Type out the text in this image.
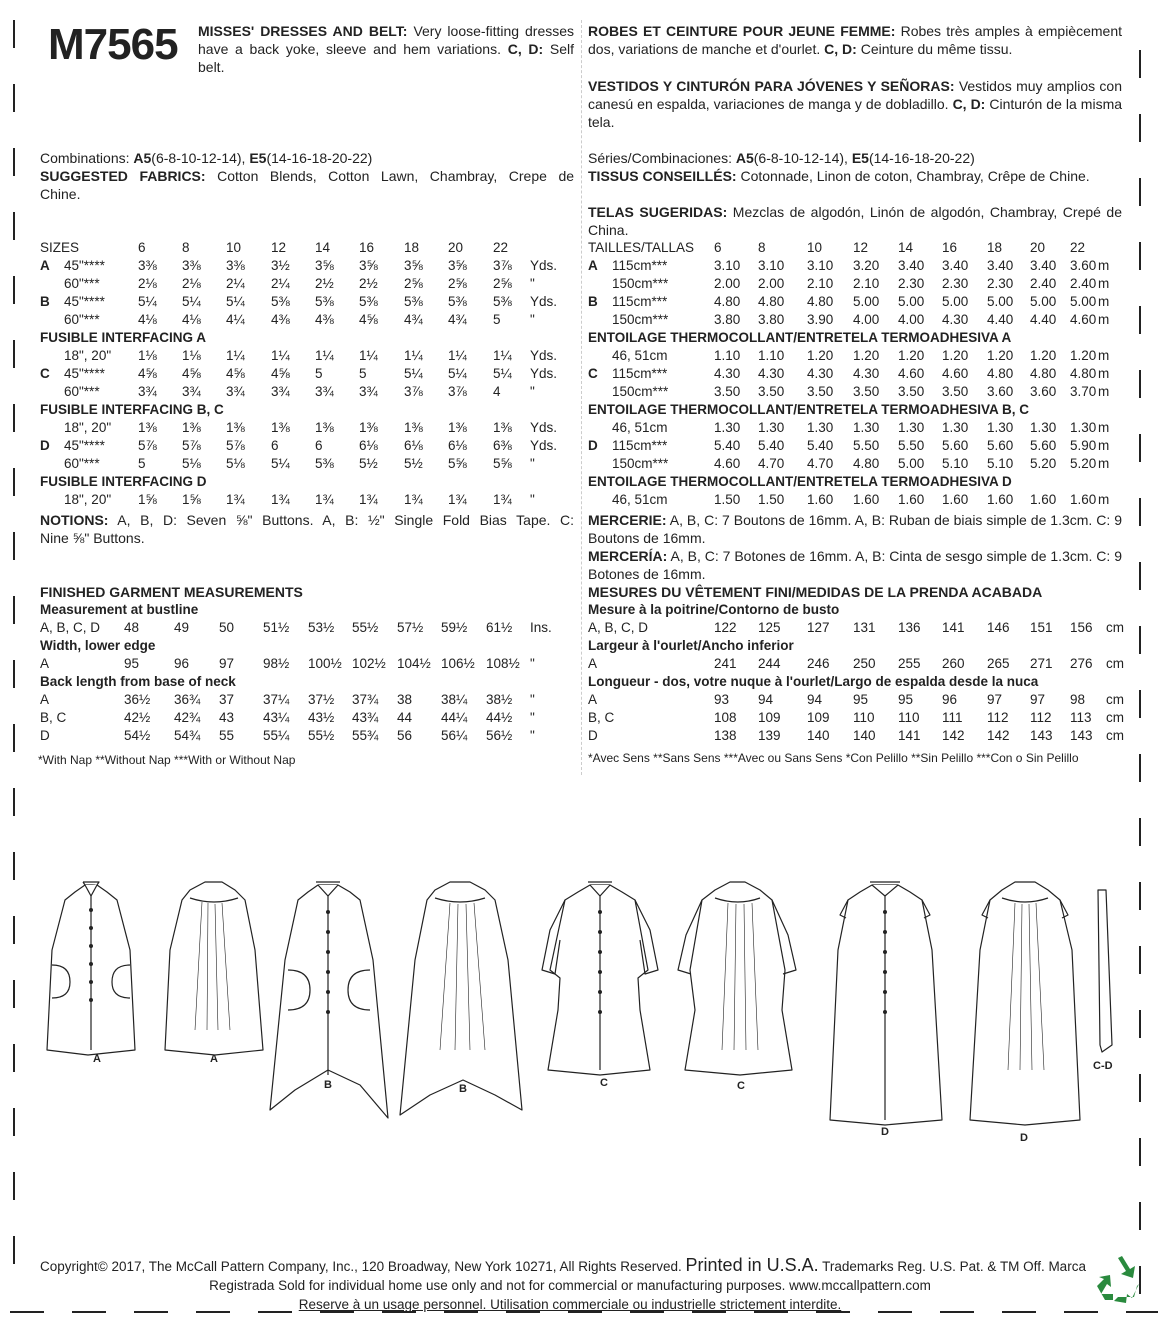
M7565 MISSES' DRESSES AND BELT: Very loose-fitting dresses have a back yoke, sleeve and hem variations. C, D: Self belt.
Combinations: A5(6-8-10-12-14), E5(14-16-18-20-22)
SUGGESTED FABRICS: Cotton Blends, Cotton Lawn, Chambray, Crepe de
Chine.
SIZES	6	8	10 12 14 16 18 20 22
A 45"**** 3⅜ 3⅜ 3⅜ 3½ 3⅝ 3⅝ 3⅝ 3⅝ 3⅞ Yds.
60"***	2⅛ 2⅛ 2¼ 2¼ 2½ 2½ 2⅝ 2⅝ 2⅝ "
B 45"**** 5¼ 5¼ 5¼ 5⅜ 5⅜ 5⅜ 5⅜ 5⅜ 5⅜ Yds.
60"***	4⅛ 4⅛ 4¼ 4⅜ 4⅜ 4⅝ 4¾ 4¾ 5 "
FUSIBLE INTERFACING A
18", 20" 1⅛ 1⅛ 1¼ 1¼ 1¼ 1¼ 1¼ 1¼ 1¼ Yds.
C 45"**** 4⅝ 4⅝ 4⅝ 4⅝ 5	5	5¼ 5¼ 5¼ Yds.
60"***	3¾ 3¾ 3¾ 3¾ 3¾ 3¾ 3⅞ 3⅞ 4 "
FUSIBLE INTERFACING B, C
18", 20" 1⅜ 1⅜ 1⅜ 1⅜ 1⅜ 1⅜ 1⅜ 1⅜ 1⅜ Yds.
D 45"**** 5⅞ 5⅞ 5⅞ 6	6	6⅛ 6⅛ 6⅛ 6⅜ Yds.
60"***	5	5⅛ 5⅛ 5¼ 5⅜ 5½ 5½ 5⅝ 5⅝ "
FUSIBLE INTERFACING D
18", 20" 1⅝ 1⅝ 1¾ 1¾ 1¾ 1¾ 1¾ 1¾ 1¾ "
NOTIONS: A, B, D: Seven ⅝" Buttons. A, B: ½" Single Fold Bias Tape. C:
Nine ⅝" Buttons.
FINISHED GARMENT MEASUREMENTS
Measurement at bustline
A, B, C, D 48	49 50 51½ 53½ 55½ 57½ 59½ 61½ Ins.
Width, lower edge
A	95	96 97 98½ 100½ 102½ 104½ 106½ 108½ "
Back length from base of neck
A	36½ 36¾ 37 37¼ 37½ 37¾ 38 38¼ 38½ "
B, C	42½ 42¾ 43 43¼ 43½ 43¾ 44 44¼ 44½ "
D	54½ 54¾ 55 55¼ 55½ 55¾ 56 56¼ 56½ "
*With Nap **Without Nap ***With or Without Nap
ROBES ET CEINTURE POUR JEUNE FEMME: Robes très amples à empiècement dos, variations de manche et d'ourlet. C, D: Ceinture du même tissu.
VESTIDOS Y CINTURÓN PARA JÓVENES Y SEÑORAS: Vestidos muy amplios con canesú en espalda, variaciones de manga y de dobladillo. C, D: Cinturón de la misma tela.
Séries/Combinaciones: A5(6-8-10-12-14), E5(14-16-18-20-22)
TISSUS CONSEILLÉS: Cotonnade, Linon de coton, Chambray, Crêpe de Chine.
TELAS SUGERIDAS: Mezclas de algodón, Linón de algodón, Chambray, Crepé de China.
TAILLES/TALLAS 6	8	10 12 14 16 18 20 22
A 115cm***	3.10 3.10 3.10 3.20 3.40 3.40 3.40 3.40 3.60 m
150cm***	2.00 2.00 2.10 2.10 2.30 2.30 2.30 2.40 2.40 m
B 115cm***	4.80 4.80 4.80 5.00 5.00 5.00 5.00 5.00 5.00 m
150cm***	3.80 3.80 3.90 4.00 4.00 4.30 4.40 4.40 4.60 m
ENTOILAGE THERMOCOLLANT/ENTRETELA TERMOADHESIVA A
46, 51cm	1.10 1.10 1.20 1.20 1.20 1.20 1.20 1.20 1.20 m
C 115cm***	4.30 4.30 4.30 4.30 4.60 4.60 4.80 4.80 4.80 m
150cm***	3.50 3.50 3.50 3.50 3.50 3.50 3.60 3.60 3.70 m
ENTOILAGE THERMOCOLLANT/ENTRETELA TERMOADHESIVA B, C
46, 51cm	1.30 1.30 1.30 1.30 1.30 1.30 1.30 1.30 1.30 m
D 115cm***	5.40 5.40 5.40 5.50 5.50 5.60 5.60 5.60 5.90 m
150cm***	4.60 4.70 4.70 4.80 5.00 5.10 5.10 5.20 5.20 m
ENTOILAGE THERMOCOLLANT/ENTRETELA TERMOADHESIVA D
46, 51cm	1.50 1.50 1.60 1.60 1.60 1.60 1.60 1.60 1.60 m
MERCERIE: A, B, C: 7 Boutons de 16mm. A, B: Ruban de biais simple de 1.3cm. C: 9 Boutons de 16mm.
MERCERÍA: A, B, C: 7 Botones de 16mm. A, B: Cinta de sesgo simple de 1.3cm. C: 9 Botones de 16mm.
MESURES DU VÊTEMENT FINI/MEDIDAS DE LA PRENDA ACABADA
Mesure à la poitrine/Contorno de busto
A, B, C, D	122 125 127 131 136 141 146 151 156 cm
Largeur à l'ourlet/Ancho inferior
A	241 244 246 250 255 260 265 271 276 cm
Longueur - dos, votre nuque à l'ourlet/Largo de espalda desde la nuca
A	93 94	94 95 95 96 97 97 98 cm
B, C	108 109 109 110 110 111 112 112 113 cm
D	138 139 140 140 141 142 142 143 143 cm
*Avec Sens **Sans Sens ***Avec ou Sans Sens *Con Pelillo **Sin Pelillo ***Con o Sin Pelillo
A	A
B	B	C	C
D	D
C-D
Copyright© 2017, The McCall Pattern Company, Inc., 120 Broadway, New York 10271, All Rights Reserved. Printed in U.S.A. Trademarks Reg. U.S. Pat. & TM Off. Marca
Registrada Sold for individual home use only and not for commercial or manufacturing purposes. www.mccallpattern.com
Reserve à un usage personnel. Utilisation commerciale ou industrielle strictement interdite.
